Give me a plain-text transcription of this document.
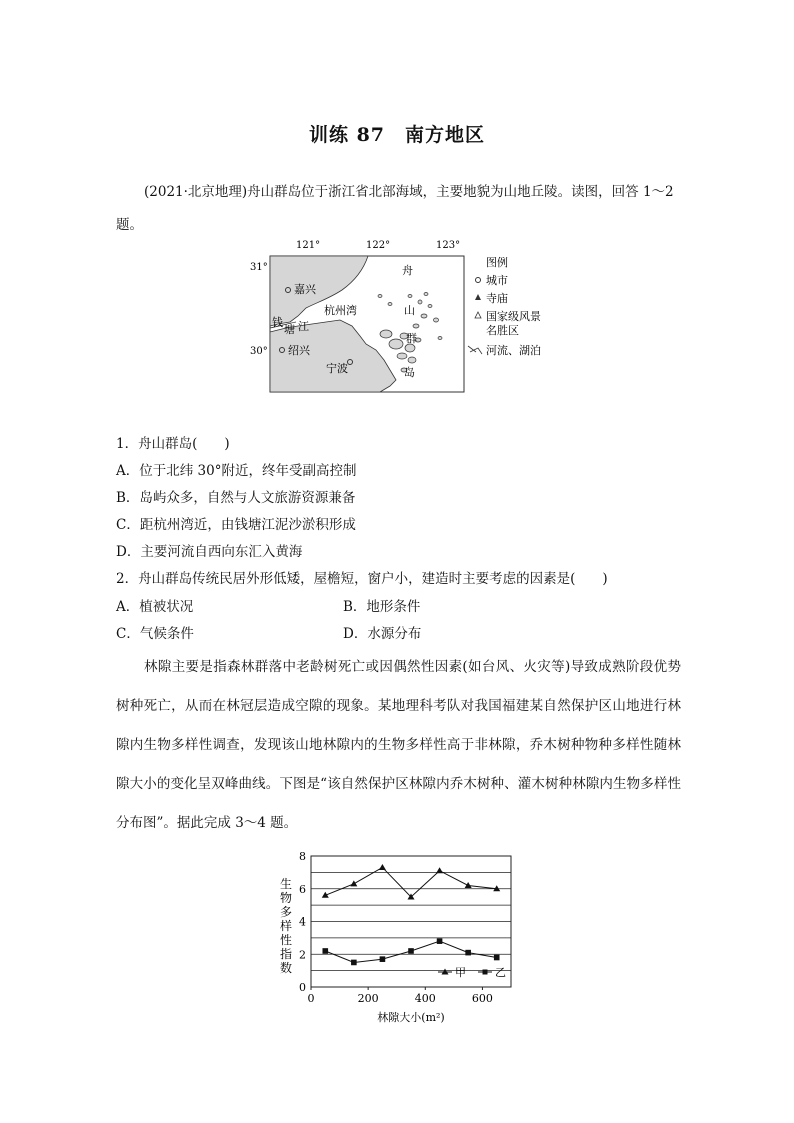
训练 87　南方地区
(2021·北京地理)舟山群岛位于浙江省北部海域，主要地貌为山地丘陵。读图，回答 1～2 题。
121°	122°	123°
31°
30°
嘉兴
杭州湾
钱
塘 江
绍兴
宁波
舟
山
群
岛
图例
城市
寺庙
国家级风景
名胜区
河流、湖泊
1．舟山群岛(　　)
A．位于北纬 30°附近，终年受副高控制
B．岛屿众多，自然与人文旅游资源兼备
C．距杭州湾近，由钱塘江泥沙淤积形成
D．主要河流自西向东汇入黄海
2．舟山群岛传统民居外形低矮，屋檐短，窗户小，建造时主要考虑的因素是(　　)
A．植被状况	B．地形条件
C．气候条件	D．水源分布
林隙主要是指森林群落中老龄树死亡或因偶然性因素(如台风、火灾等)导致成熟阶段优势树种死亡，从而在林冠层造成空隙的现象。某地理科考队对我国福建某自然保护区山地进行林隙内生物多样性调查，发现该山地林隙内的生物多样性高于非林隙，乔木树种物种多样性随林隙大小的变化呈双峰曲线。下图是“该自然保护区林隙内乔木树种、灌木树种林隙内生物多样性分布图”。据此完成 3～4 题。
0
2
4
6
8
0	200	400	600
林隙大小(m²)
生
物
多
样
性
指
数	甲	乙
